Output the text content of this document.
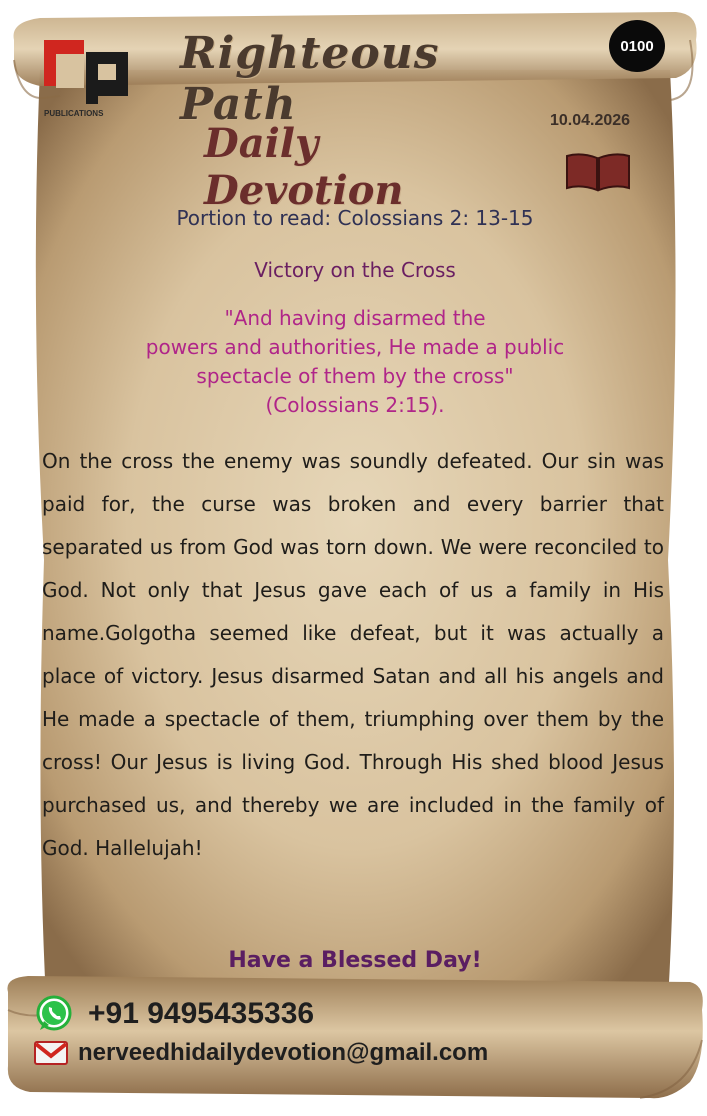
PUBLICATIONS
Righteous Path
Daily Devotion
10.04.2026
0100
Portion to read: Colossians 2: 13-15
Victory on the Cross
"And having disarmed the
powers and authorities, He made a public
spectacle of them by the cross"
(Colossians 2:15).
On the cross the enemy was soundly defeated. Our sin was paid for, the curse was broken and every barrier that separated us from God was torn down. We were reconciled to God. Not only that Jesus gave each of us a family in His name.Golgotha seemed like defeat, but it was actually a place of victory. Jesus disarmed Satan and all his angels and He made a spectacle of them, triumphing over them by the cross! Our Jesus is living God. Through His shed blood Jesus purchased us, and thereby we are included in the family of God. Hallelujah!
Have a Blessed Day!
+91 9495435336
nerveedhidailydevotion@gmail.com
